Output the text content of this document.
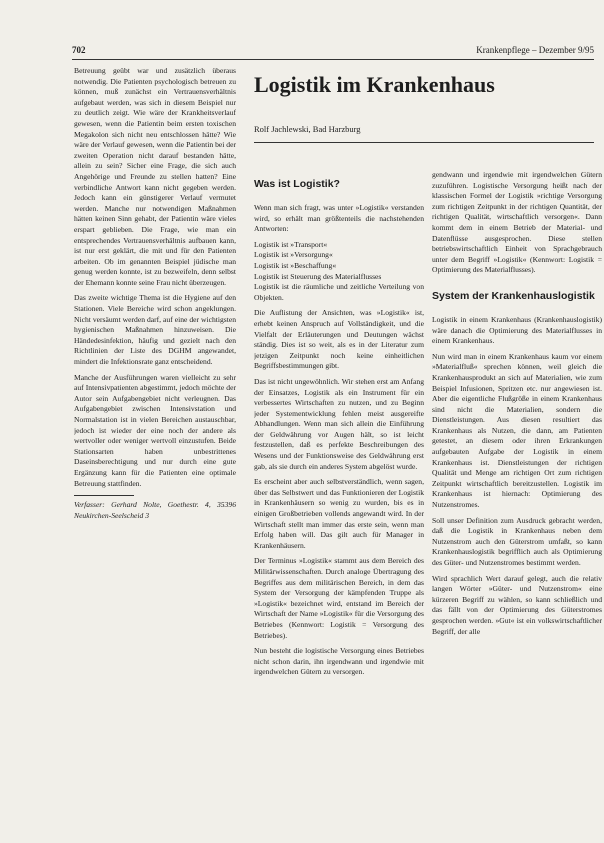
702	Krankenpflege – Dezember 9/95

Betreuung geübt war und zusätzlich überaus notwendig. Die Patienten psychologisch betreuen zu können, muß zunächst ein Vertrauensverhältnis aufgebaut werden, was sich in diesem Beispiel nur zu deutlich zeigt. Wie wäre der Krankheitsverlauf gewesen, wenn die Patientin beim ersten toxischen Megakolon sich nicht neu entschlossen hätte? Wie wäre der Verlauf gewesen, wenn die Patientin bei der zweiten Operation nicht darauf bestanden hätte, allein zu sein? Sicher eine Frage, die sich auch Angehörige und Freunde zu stellen hatten? Eine verbindliche Antwort kann nicht gegeben werden. Jedoch kann ein günstigerer Verlauf vermutet werden. Manche nur notwendigen Maßnahmen hätten keinen Sinn gehabt, der Patientin wäre vieles erspart geblieben. Die Frage, wie man ein entsprechendes Vertrauensverhältnis aufbauen kann, ist nur erst geklärt, die mit und für den Patienten arbeiten. Ob im genannten Beispiel jüdische man genug werden konnte, ist zu bezweifeln, denn selbst der Ehemann konnte seine Frau nicht überzeugen.

Das zweite wichtige Thema ist die Hygiene auf den Stationen. Viele Bereiche wird schon angeklungen. Nicht versäumt werden darf, auf eine der wichtigsten hygienischen Maßnahmen hinzuweisen. Die Händedesinfektion, häufig und gezielt nach den Richtlinien der Liste des DGHM angewandet, mindert die Infektionsrate ganz entscheidend.

Manche der Ausführungen waren vielleicht zu sehr auf Intensivpatienten abgestimmt, jedoch möchte der Autor sein Aufgabengebiet nicht verleugnen. Das Aufgabengebiet zwischen Intensivstation und Normalstation ist in vielen Bereichen austauschbar, jedoch ist wieder der eine noch der andere als wertvoller oder weniger wertvoll einzustufen. Beide Stationsarten haben unbestrittenes Daseinsberechtigung und nur durch eine gute Ergänzung kann für die Patienten eine optimale Betreuung stattfinden.

Verfasser: Gerhard Nolte, Goethestr. 4, 35396 Neukirchen-Seelscheid 3

Logistik im Krankenhaus
Rolf Jachlewski, Bad Harzburg
Was ist Logistik?

Wenn man sich fragt, was unter »Logistik« verstanden wird, so erhält man größtenteils die nachstehenden Antworten:

Logistik ist »Transport«
Logistik ist »Versorgung«
Logistik ist »Beschaffung«
Logistik ist Steuerung des Materialflusses
Logistik ist die räumliche und zeitliche Verteilung von Objekten.

Die Auflistung der Ansichten, was »Logistik« ist, erhebt keinen Anspruch auf Vollständigkeit, und die Vielfalt der Erläuterungen und Deutungen wächst ständig. Dies ist so weit, als es in der Literatur zum jetzigen Zeitpunkt noch keine einheitlichen Begriffsbestimmungen gibt.

Das ist nicht ungewöhnlich. Wir stehen erst am Anfang der Einsatzes, Logistik als ein Instrument für ein verbessertes Wirtschaften zu nutzen, und zu Beginn jeder Systementwicklung fehlen meist ausgereifte Abhandlungen. Wenn man sich allein die Einführung der Geldwährung vor Augen hält, so ist leicht festzustellen, daß es perfekte Beschreibungen des Wesens und der Funktionsweise des Geldwährung erst gab, als sie durch ein anderes System abgelöst wurde.

Es erscheint aber auch selbstverständlich, wenn sagen, über das Selbstwert und das Funktionieren der Logistik in Krankenhäusern so wenig zu wurden, bis es in einigen Großbetrieben vollends angewandt wird. In der Wirtschaft stellt man immer das erste sein, wenn man Erfolg haben will. Das gilt auch für Manager in Krankenhäusern.

Der Terminus »Logistik« stammt aus dem Bereich des Militärwissenschaften. Durch analoge Übertragung des Begriffes aus dem militärischen Bereich, in dem das System der Versorgung der kämpfenden Truppe als »Logistik« bezeichnet wird, entstand im Bereich der Wirtschaft der Name »Logistik« für die Versorgung des Betriebes (Kennwort: Logistik = Versorgung des Betriebes).

Nun besteht die logistische Versorgung eines Betriebes nicht schon darin, ihn irgendwann und irgendwie mit irgendwelchen Gütern zu versorgen.

gendwann und irgendwie mit irgendwelchen Gütern zuzuführen. Logistische Versorgung heißt nach der klassischen Formel der Logistik »richtige Versorgung zum richtigen Zeitpunkt in der richtigen Quantität, der richtigen Qualität, wirtschaftlich versorgen«. Dann kommt dem in einem Betrieb der Material- und Datenflüsse ausgesprochen. Diese stellen betriebswirtschaftlich Einheit von Sprachgebrauch unter dem Begriff »Logistik« (Kennwort: Logistik = Optimierung des Materialflusses).

System der Krankenhauslogistik

Logistik in einem Krankenhaus (Krankenhauslogistik) wäre danach die Optimierung des Materialflusses in einem Krankenhaus.

Nun wird man in einem Krankenhaus kaum vor einem »Materialfluß« sprechen können, weil gleich die Krankenhausprodukt an sich auf Materialien, wie zum Beispiel Infusionen, Spritzen etc. nur angewiesen ist. Aber die eigentliche Flußgröße in einem Krankenhaus sind nicht die Materialien, sondern die Dienstleistungen. Aus diesen resultiert das Krankenhaus als Nutzen, die dann, am Patienten getestet, an diesem oder ihren Erkrankungen aufgebauten Aufgabe der Logistik in einem Krankenhaus ist. Dienstleistungen der richtigen Qualität und Menge am richtigen Ort zum richtigen Zeitpunkt wirtschaftlich bereitzustellen. Logistik im Krankenhaus ist hiernach: Optimierung des Nutzenstromes.

Soll unser Definition zum Ausdruck gebracht werden, daß die Logistik in Krankenhaus neben dem Nutzenstrom auch den Güterstrom umfaßt, so kann Krankenhauslogistik begrifflich auch als Optimierung des Güter- und Nutzenstromes bestimmt werden.

Wird sprachlich Wert darauf gelegt, auch die relativ langen Wörter »Güter- und Nutzenstrom« eine kürzeren Begriff zu wählen, so kann schließlich und das fällt von der Optimierung des Güterstromes gesprochen werden. »Gut« ist ein volkswirtschaftlicher Begriff, der alle
